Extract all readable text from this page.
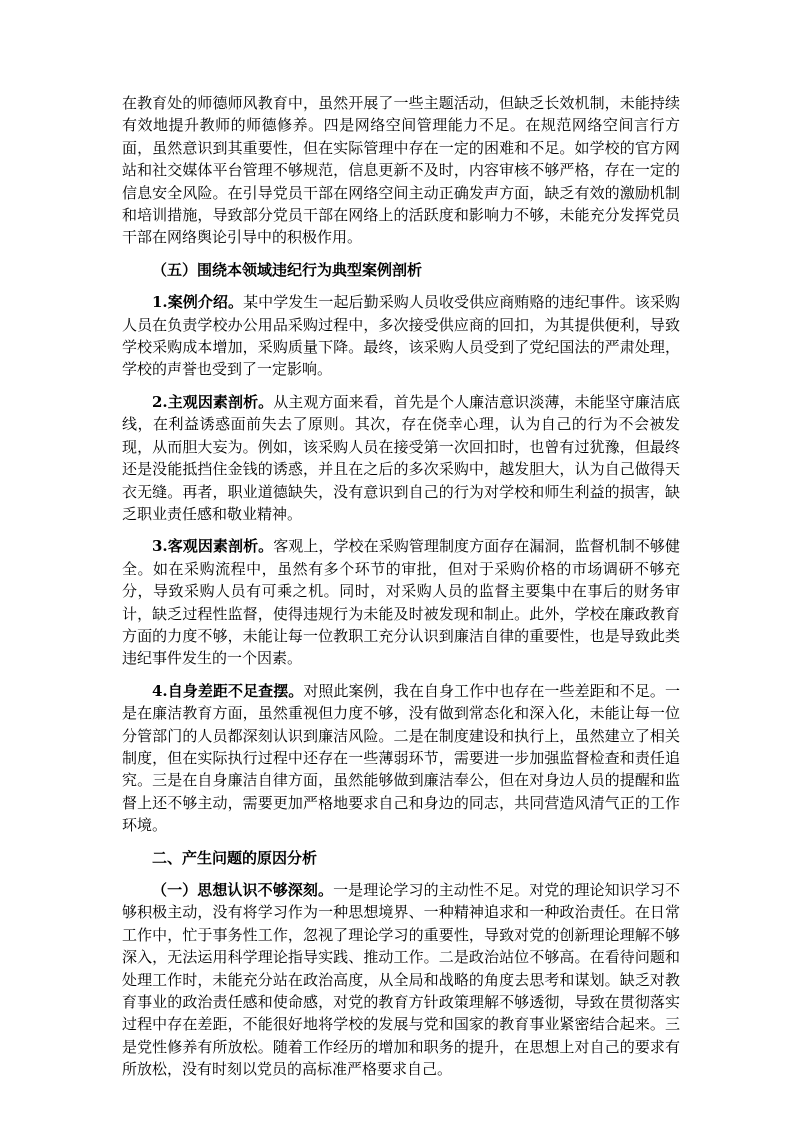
在教育处的师德师风教育中，虽然开展了一些主题活动，但缺乏长效机制，未能持续有效地提升教师的师德修养。四是网络空间管理能力不足。在规范网络空间言行方面，虽然意识到其重要性，但在实际管理中存在一定的困难和不足。如学校的官方网站和社交媒体平台管理不够规范，信息更新不及时，内容审核不够严格，存在一定的信息安全风险。在引导党员干部在网络空间主动正确发声方面，缺乏有效的激励机制和培训措施，导致部分党员干部在网络上的活跃度和影响力不够，未能充分发挥党员干部在网络舆论引导中的积极作用。

（五）围绕本领域违纪行为典型案例剖析

1.案例介绍。某中学发生一起后勤采购人员收受供应商贿赂的违纪事件。该采购人员在负责学校办公用品采购过程中，多次接受供应商的回扣，为其提供便利，导致学校采购成本增加，采购质量下降。最终，该采购人员受到了党纪国法的严肃处理，学校的声誉也受到了一定影响。

2.主观因素剖析。从主观方面来看，首先是个人廉洁意识淡薄，未能坚守廉洁底线，在利益诱惑面前失去了原则。其次，存在侥幸心理，认为自己的行为不会被发现，从而胆大妄为。例如，该采购人员在接受第一次回扣时，也曾有过犹豫，但最终还是没能抵挡住金钱的诱惑，并且在之后的多次采购中，越发胆大，认为自己做得天衣无缝。再者，职业道德缺失，没有意识到自己的行为对学校和师生利益的损害，缺乏职业责任感和敬业精神。

3.客观因素剖析。客观上，学校在采购管理制度方面存在漏洞，监督机制不够健全。如在采购流程中，虽然有多个环节的审批，但对于采购价格的市场调研不够充分，导致采购人员有可乘之机。同时，对采购人员的监督主要集中在事后的财务审计，缺乏过程性监督，使得违规行为未能及时被发现和制止。此外，学校在廉政教育方面的力度不够，未能让每一位教职工充分认识到廉洁自律的重要性，也是导致此类违纪事件发生的一个因素。

4.自身差距不足查摆。对照此案例，我在自身工作中也存在一些差距和不足。一是在廉洁教育方面，虽然重视但力度不够，没有做到常态化和深入化，未能让每一位分管部门的人员都深刻认识到廉洁风险。二是在制度建设和执行上，虽然建立了相关制度，但在实际执行过程中还存在一些薄弱环节，需要进一步加强监督检查和责任追究。三是在自身廉洁自律方面，虽然能够做到廉洁奉公，但在对身边人员的提醒和监督上还不够主动，需要更加严格地要求自己和身边的同志，共同营造风清气正的工作环境。

二、产生问题的原因分析

（一）思想认识不够深刻。一是理论学习的主动性不足。对党的理论知识学习不够积极主动，没有将学习作为一种思想境界、一种精神追求和一种政治责任。在日常工作中，忙于事务性工作，忽视了理论学习的重要性，导致对党的创新理论理解不够深入，无法运用科学理论指导实践、推动工作。二是政治站位不够高。在看待问题和处理工作时，未能充分站在政治高度，从全局和战略的角度去思考和谋划。缺乏对教育事业的政治责任感和使命感，对党的教育方针政策理解不够透彻，导致在贯彻落实过程中存在差距，不能很好地将学校的发展与党和国家的教育事业紧密结合起来。三是党性修养有所放松。随着工作经历的增加和职务的提升，在思想上对自己的要求有所放松，没有时刻以党员的高标准严格要求自己。
